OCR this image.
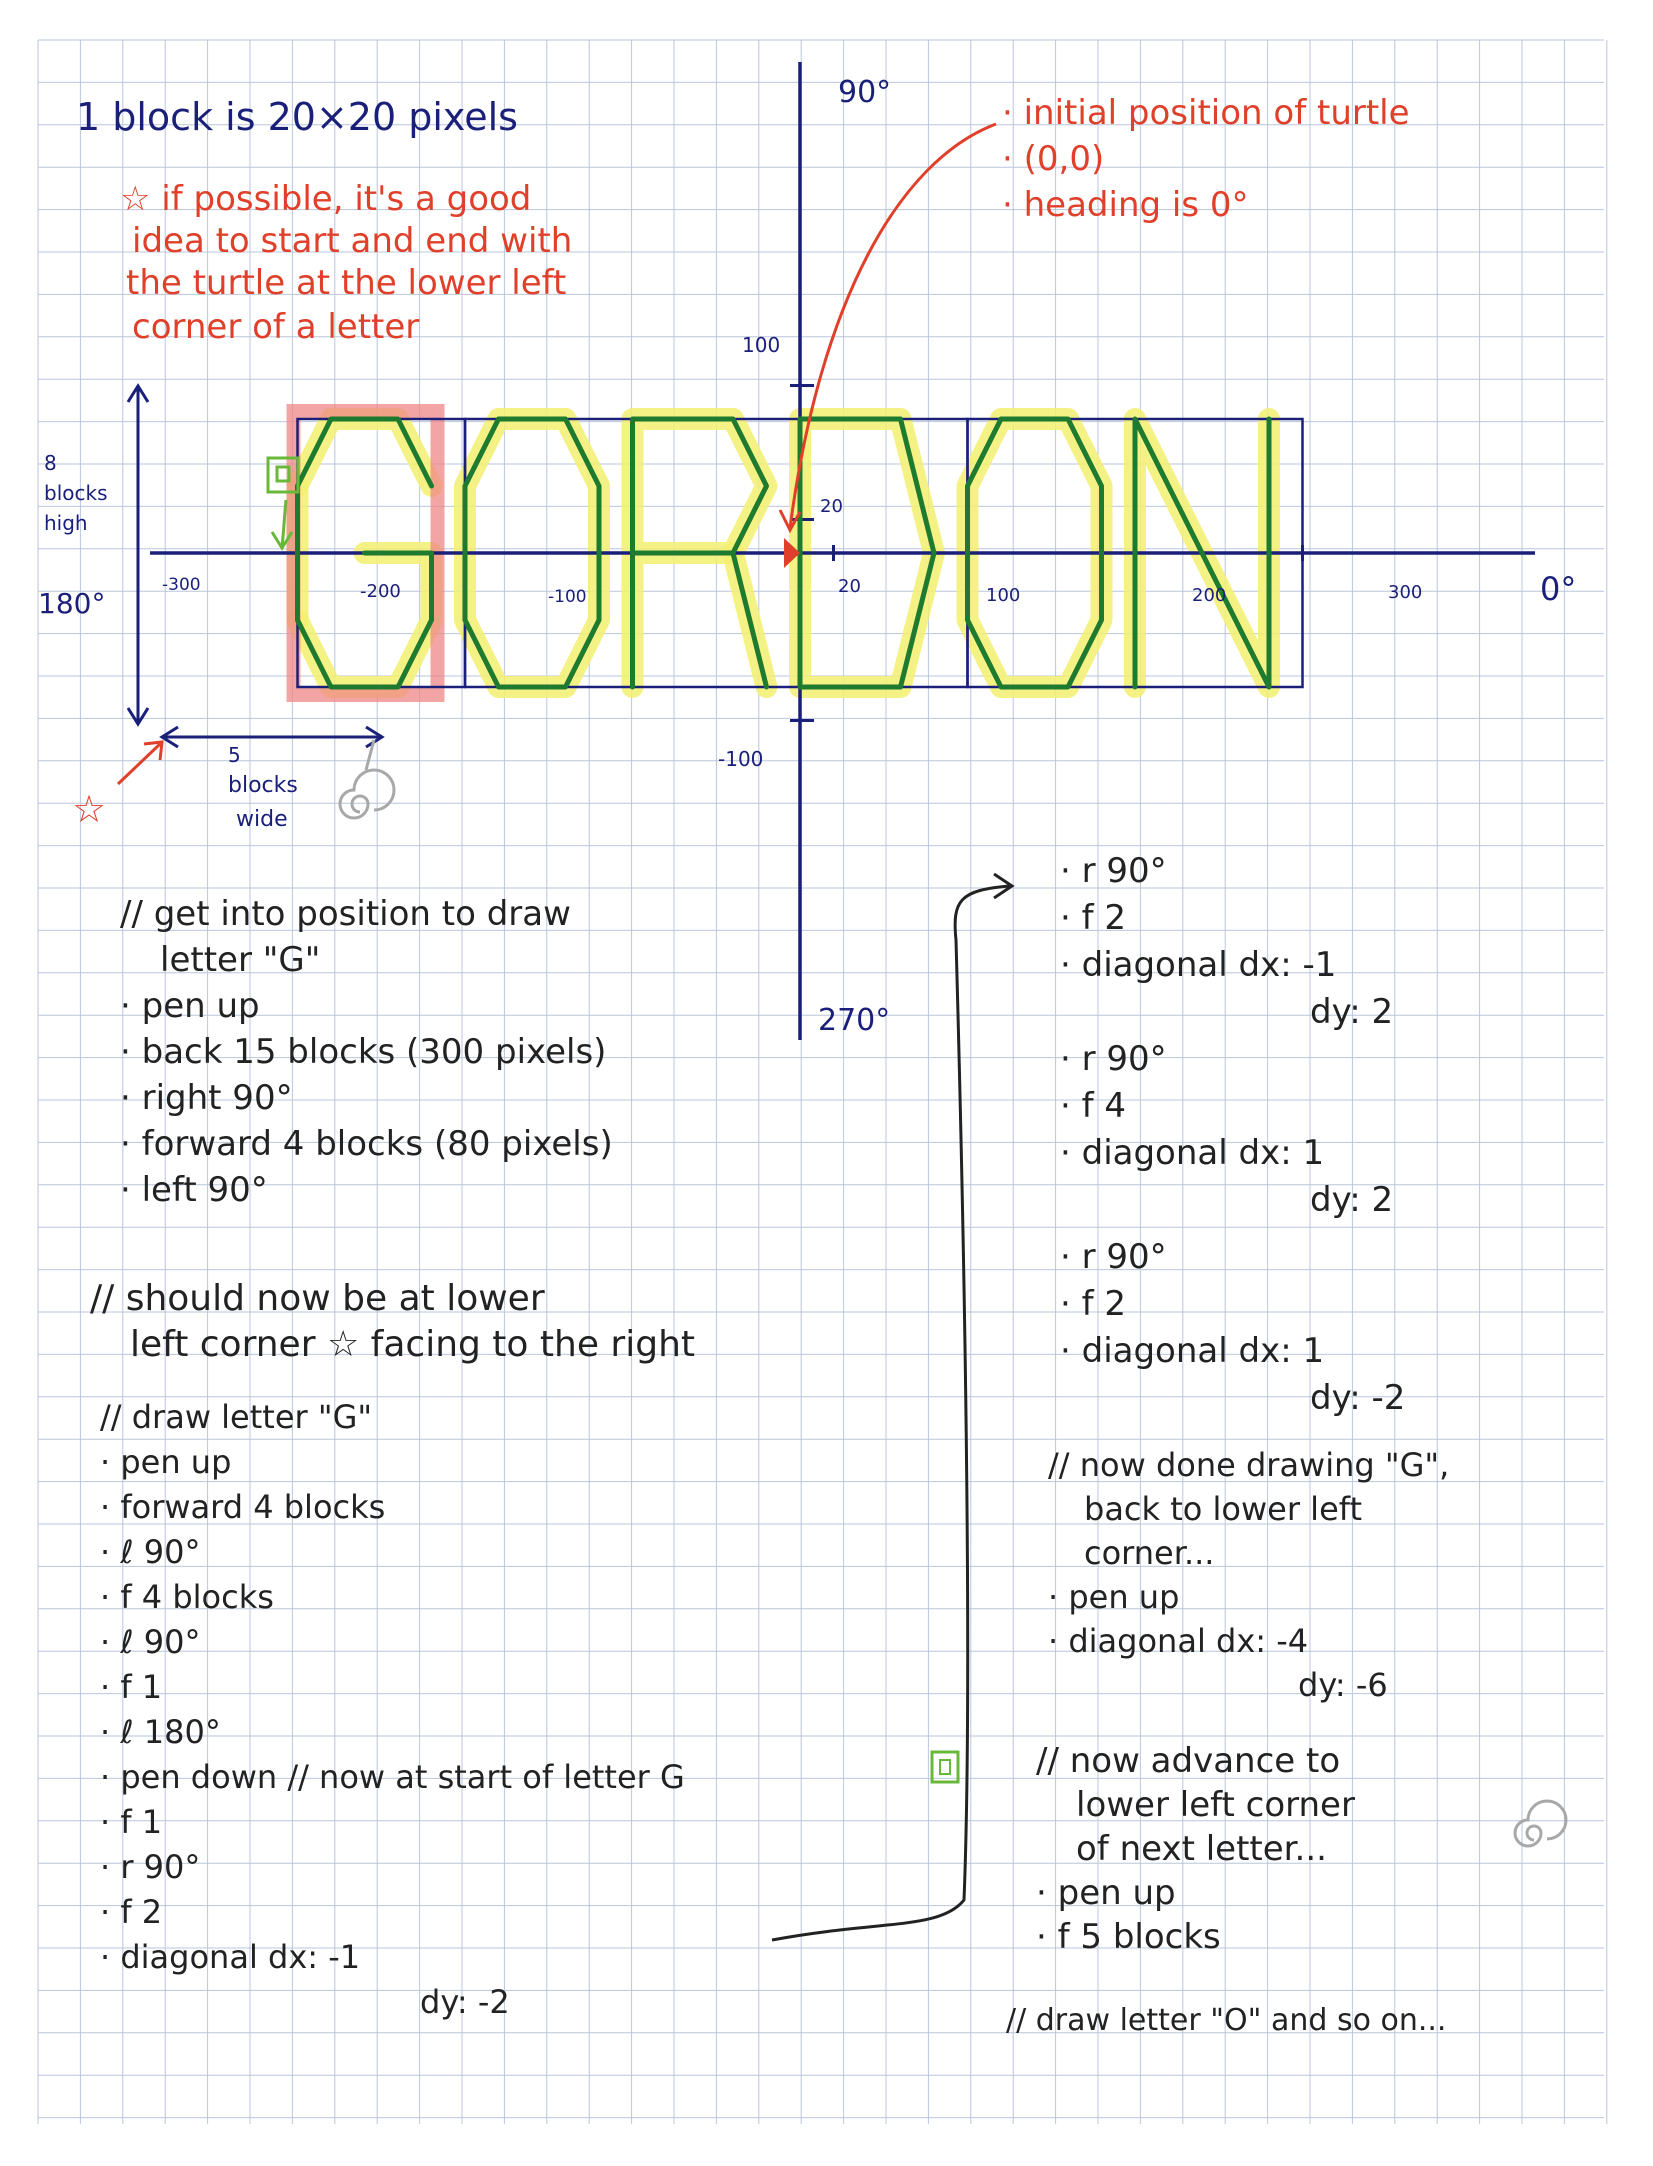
90°
180°	0°
270°
100
20
-100
-300	-200	-100	20	100	200	300
8
blocks
high
5
blocks
wide
1 block is 20×20 pixels
☆ if possible, it's a good
idea to start and end with
the turtle at the lower left
corner of a letter
· initial position of turtle
· (0,0)
· heading is 0°
☆
// get into position to draw
letter "G"
· pen up
· back 15 blocks (300 pixels)
· right 90°
· forward 4 blocks (80 pixels)
· left 90°
// should now be at lower
left corner ☆ facing to the right
// draw letter "G"
· pen up
· forward 4 blocks
· ℓ 90°
· f 4 blocks
· ℓ 90°
· f 1
· ℓ 180°
· pen down // now at start of letter G
· f 1
· r 90°
· f 2
· diagonal dx: -1
dy: -2
· r 90°
· f 2
· diagonal dx: -1
dy: 2
· r 90°
· f 4
· diagonal dx: 1
dy: 2
· r 90°
· f 2
· diagonal dx: 1
dy: -2
// now done drawing "G",
back to lower left
corner...
· pen up
· diagonal dx: -4
dy: -6
// now advance to
lower left corner
of next letter...
· pen up
· f 5 blocks
// draw letter "O" and so on...
